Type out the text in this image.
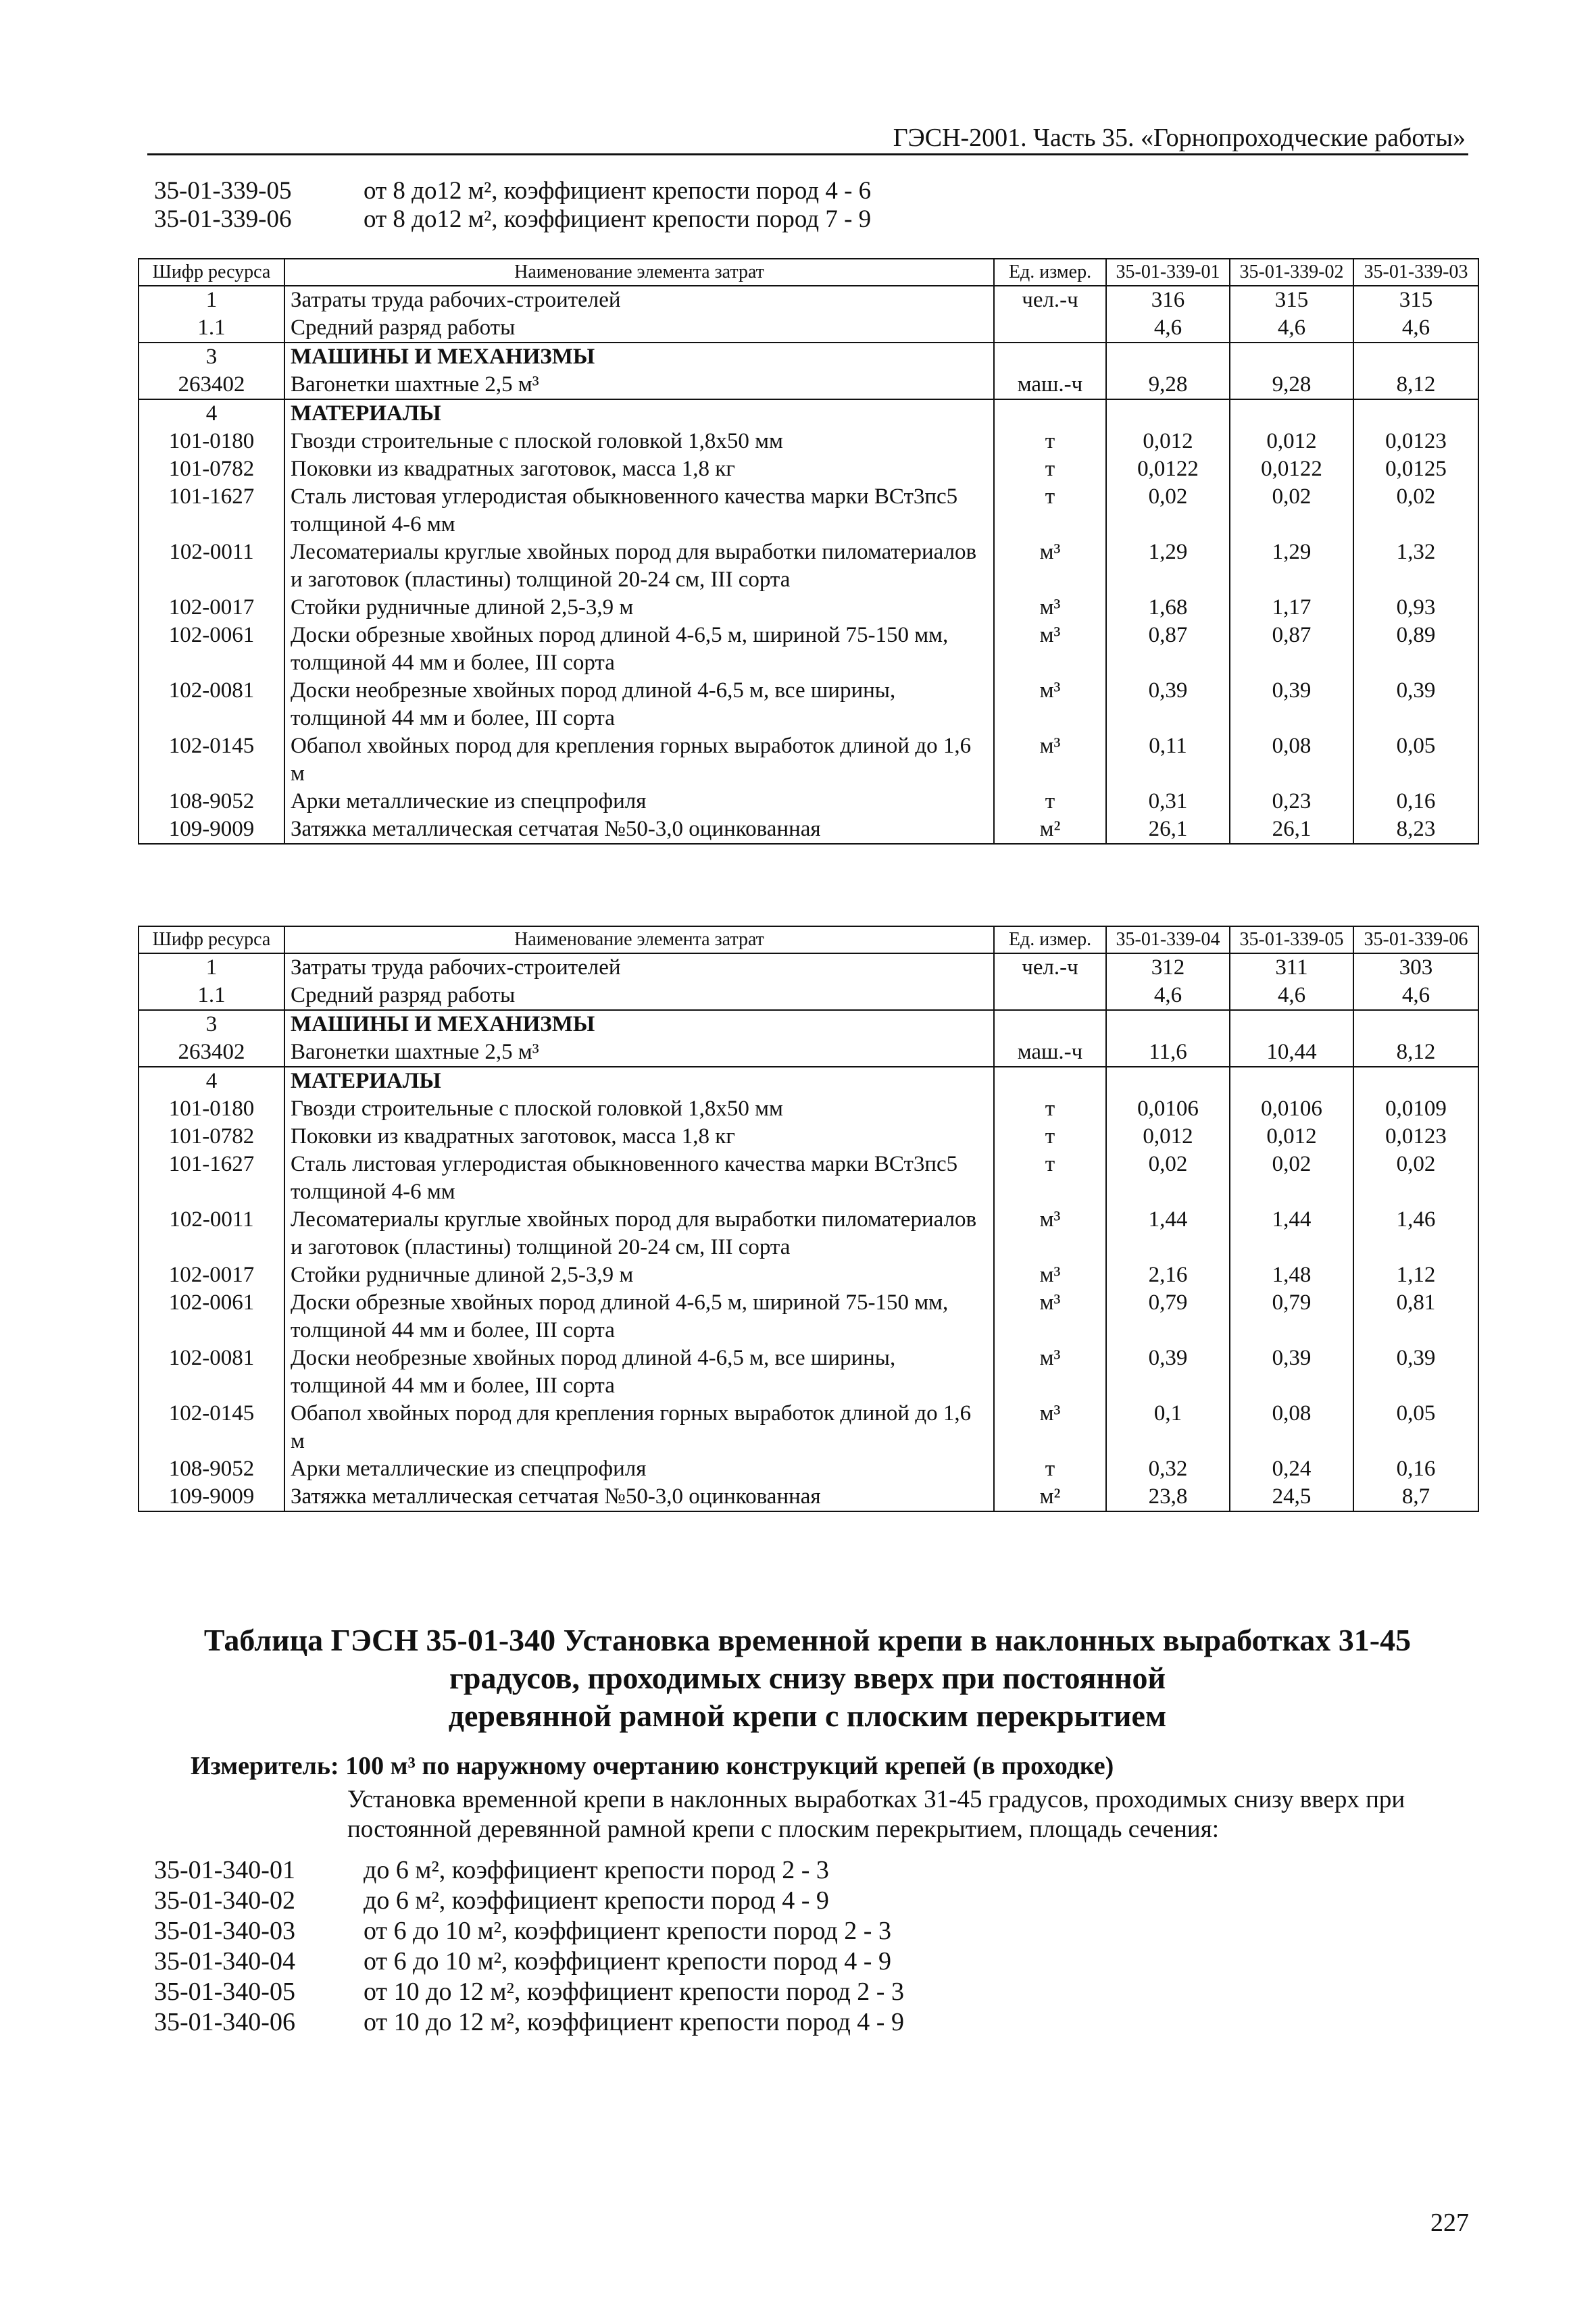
ГЭСН-2001. Часть 35. «Горнопроходческие работы»
35-01-339-05	от 8 до12 м², коэффициент крепости пород 4 - 6
35-01-339-06	от 8 до12 м², коэффициент крепости пород 7 - 9
Шифр ресурса	Наименование элемента затрат	Ед. измер.	35-01-339-01	35-01-339-02	35-01-339-03
1	Затраты труда рабочих-строителей	чел.-ч	316	315	315
1.1	Средний разряд работы		4,6	4,6	4,6
3	МАШИНЫ И МЕХАНИЗМЫ				
263402	Вагонетки шахтные 2,5 м³	маш.-ч	9,28	9,28	8,12
4	МАТЕРИАЛЫ				
101-0180	Гвозди строительные с плоской головкой 1,8x50 мм	т	0,012	0,012	0,0123
101-0782	Поковки из квадратных заготовок, масса 1,8 кг	т	0,0122	0,0122	0,0125
101-1627	Сталь листовая углеродистая обыкновенного качества марки ВСт3пс5 толщиной 4-6 мм	т	0,02	0,02	0,02
102-0011	Лесоматериалы круглые хвойных пород для выработки пиломатериалов и заготовок (пластины) толщиной 20-24 см, III сорта	м³	1,29	1,29	1,32
102-0017	Стойки рудничные длиной 2,5-3,9 м	м³	1,68	1,17	0,93
102-0061	Доски обрезные хвойных пород длиной 4-6,5 м, шириной 75-150 мм, толщиной 44 мм и более, III сорта	м³	0,87	0,87	0,89
102-0081	Доски необрезные хвойных пород длиной 4-6,5 м, все ширины, толщиной 44 мм и более, III сорта	м³	0,39	0,39	0,39
102-0145	Обапол хвойных пород для крепления горных выработок длиной до 1,6 м	м³	0,11	0,08	0,05
108-9052	Арки металлические из спецпрофиля	т	0,31	0,23	0,16
109-9009	Затяжка металлическая сетчатая №50-3,0 оцинкованная	м²	26,1	26,1	8,23
Шифр ресурса	Наименование элемента затрат	Ед. измер.	35-01-339-04	35-01-339-05	35-01-339-06
1	Затраты труда рабочих-строителей	чел.-ч	312	311	303
1.1	Средний разряд работы		4,6	4,6	4,6
3	МАШИНЫ И МЕХАНИЗМЫ				
263402	Вагонетки шахтные 2,5 м³	маш.-ч	11,6	10,44	8,12
4	МАТЕРИАЛЫ				
101-0180	Гвозди строительные с плоской головкой 1,8x50 мм	т	0,0106	0,0106	0,0109
101-0782	Поковки из квадратных заготовок, масса 1,8 кг	т	0,012	0,012	0,0123
101-1627	Сталь листовая углеродистая обыкновенного качества марки ВСт3пс5 толщиной 4-6 мм	т	0,02	0,02	0,02
102-0011	Лесоматериалы круглые хвойных пород для выработки пиломатериалов и заготовок (пластины) толщиной 20-24 см, III сорта	м³	1,44	1,44	1,46
102-0017	Стойки рудничные длиной 2,5-3,9 м	м³	2,16	1,48	1,12
102-0061	Доски обрезные хвойных пород длиной 4-6,5 м, шириной 75-150 мм, толщиной 44 мм и более, III сорта	м³	0,79	0,79	0,81
102-0081	Доски необрезные хвойных пород длиной 4-6,5 м, все ширины, толщиной 44 мм и более, III сорта	м³	0,39	0,39	0,39
102-0145	Обапол хвойных пород для крепления горных выработок длиной до 1,6 м	м³	0,1	0,08	0,05
108-9052	Арки металлические из спецпрофиля	т	0,32	0,24	0,16
109-9009	Затяжка металлическая сетчатая №50-3,0 оцинкованная	м²	23,8	24,5	8,7
Таблица ГЭСН 35-01-340 Установка временной крепи в наклонных выработках 31-45
градусов, проходимых снизу вверх при постоянной
деревянной рамной крепи с плоским перекрытием
Измеритель: 100 м³ по наружному очертанию конструкций крепей (в проходке)
Установка временной крепи в наклонных выработках 31-45 градусов, проходимых снизу вверх при постоянной деревянной рамной крепи с плоским перекрытием, площадь сечения:
35-01-340-01	до 6 м², коэффициент крепости пород 2 - 3
35-01-340-02	до 6 м², коэффициент крепости пород 4 - 9
35-01-340-03	от 6 до 10 м², коэффициент крепости пород 2 - 3
35-01-340-04	от 6 до 10 м², коэффициент крепости пород 4 - 9
35-01-340-05	от 10 до 12 м², коэффициент крепости пород 2 - 3
35-01-340-06	от 10 до 12 м², коэффициент крепости пород 4 - 9
227
